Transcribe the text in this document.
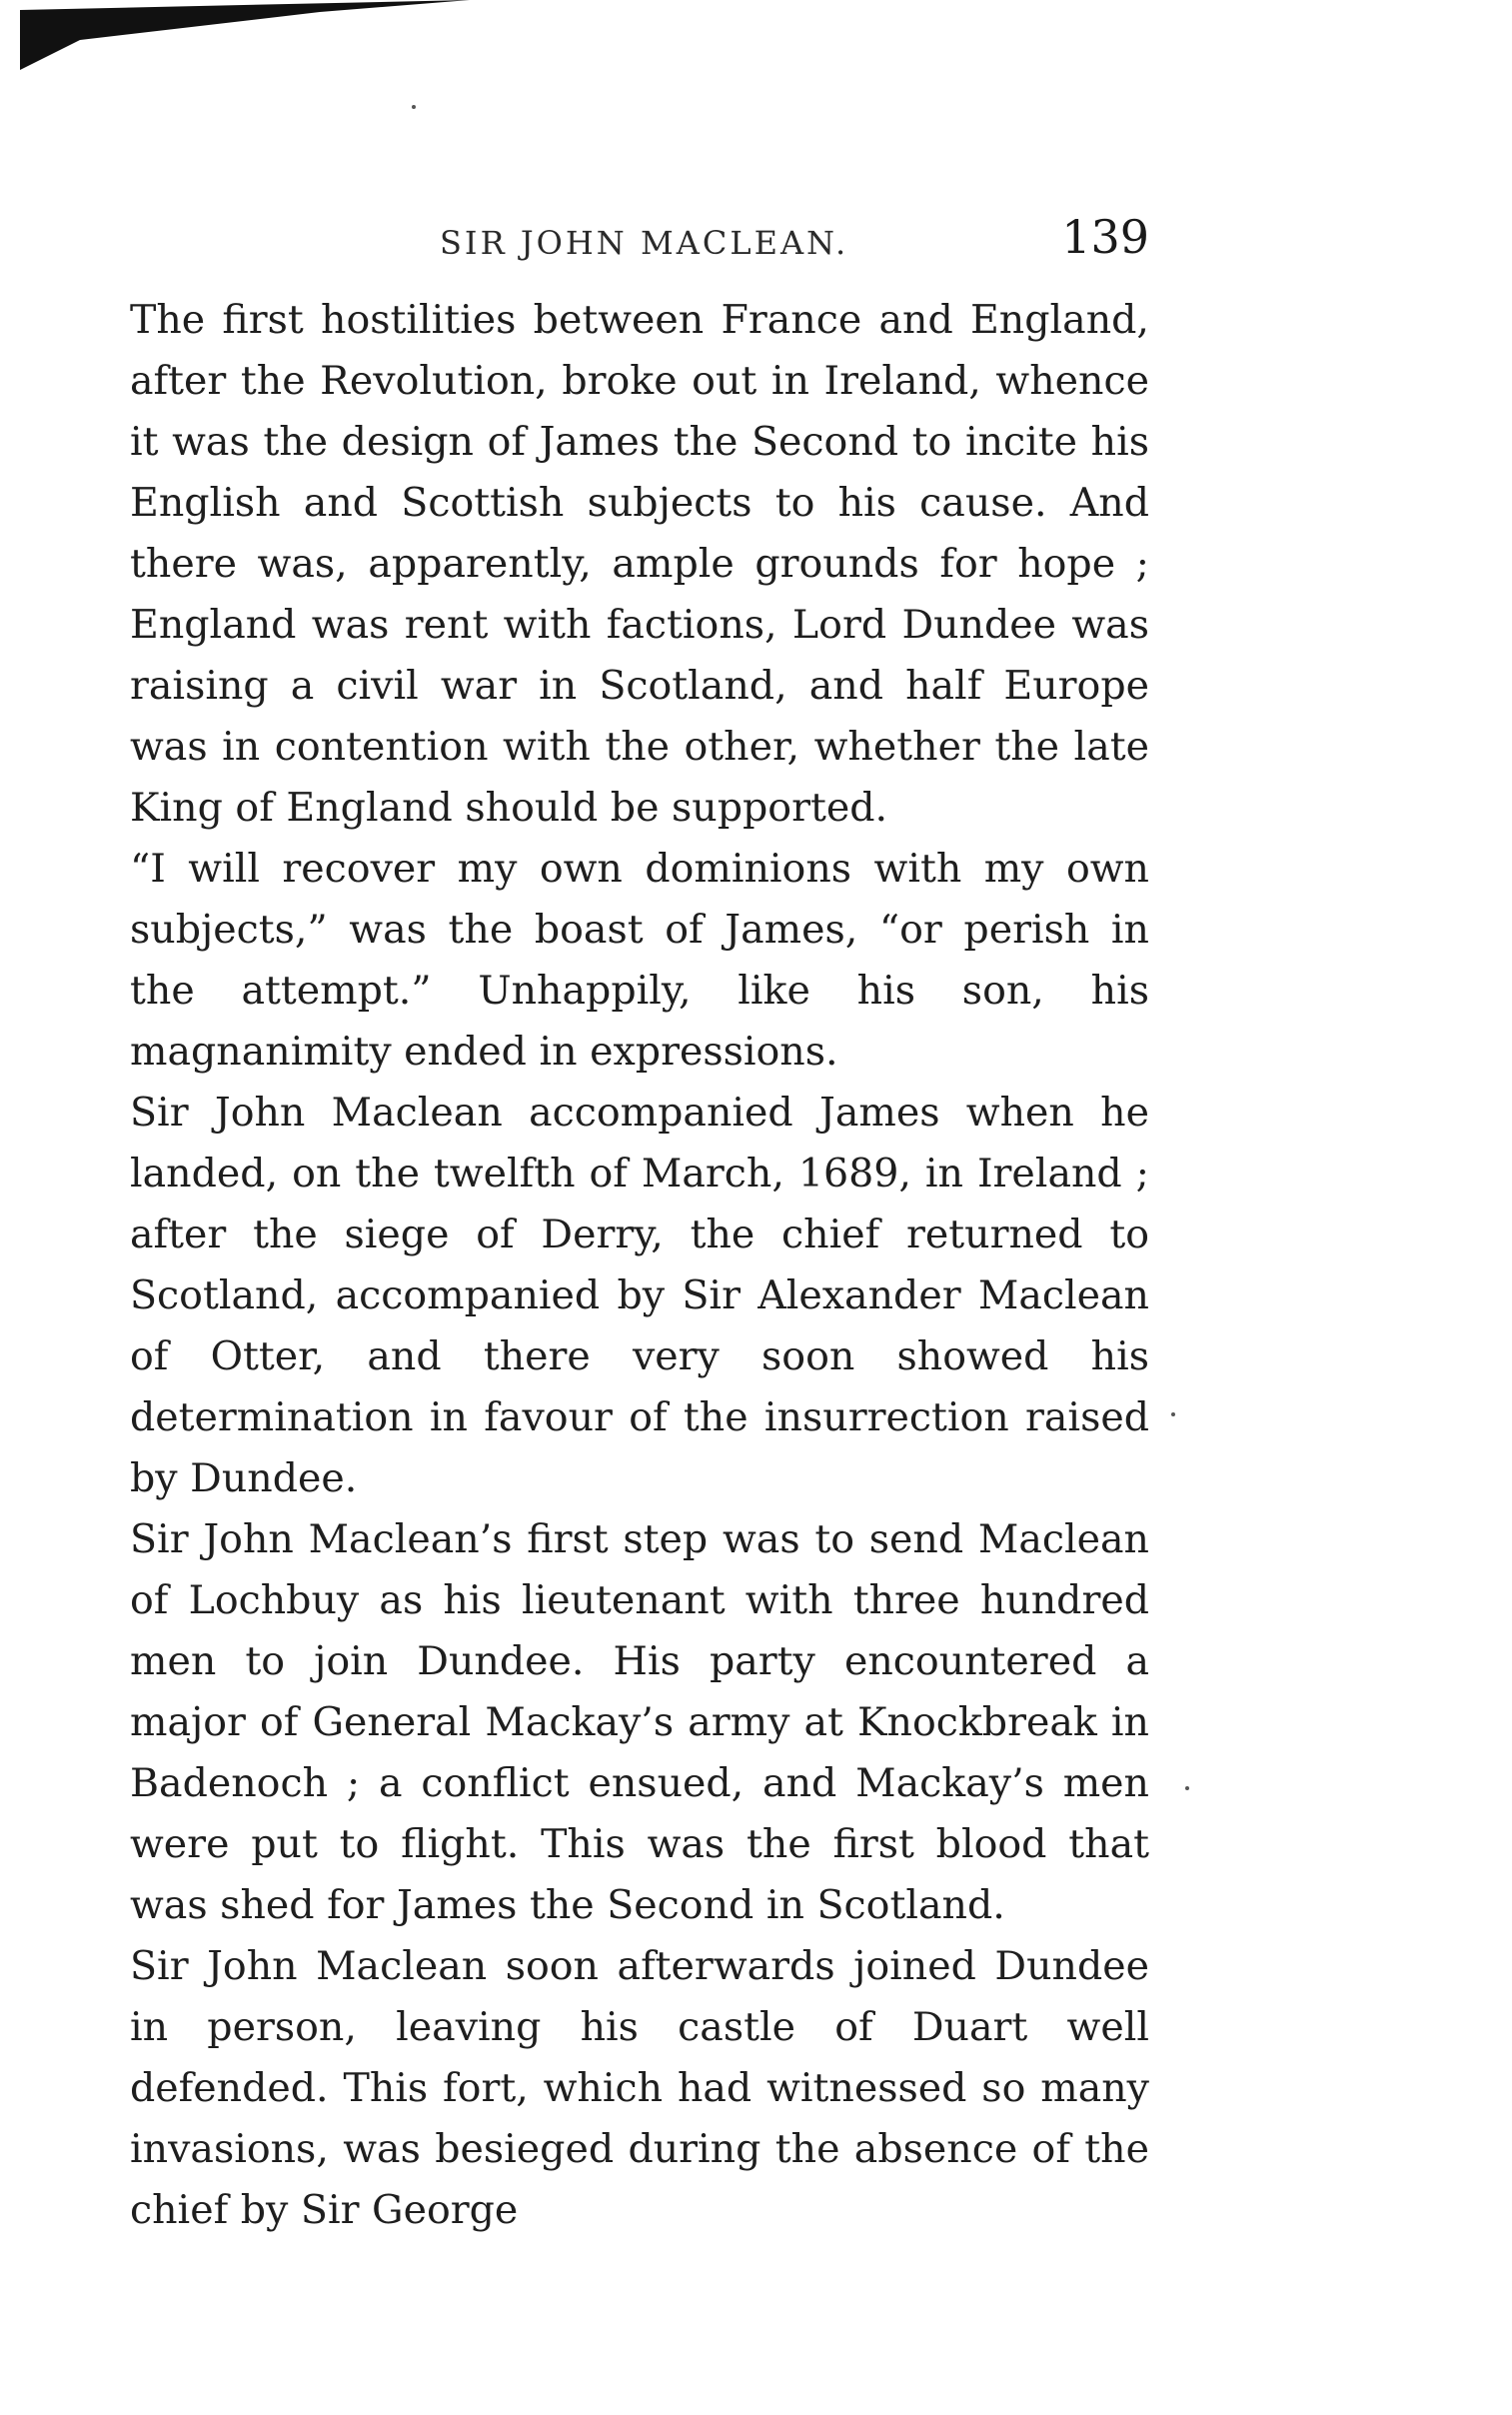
SIR JOHN MACLEAN.	139

The first hostilities between France and England, after the Revolution, broke out in Ireland, whence it was the design of James the Second to incite his English and Scottish subjects to his cause. And there was, apparently, ample grounds for hope ; England was rent with factions, Lord Dundee was raising a civil war in Scotland, and half Europe was in contention with the other, whether the late King of England should be supported.

“I will recover my own dominions with my own subjects,” was the boast of James, “or perish in the attempt.” Unhappily, like his son, his magnanimity ended in expressions.

Sir John Maclean accompanied James when he landed, on the twelfth of March, 1689, in Ireland ; after the siege of Derry, the chief returned to Scotland, accompanied by Sir Alexander Maclean of Otter, and there very soon showed his determination in favour of the insurrection raised by Dundee.

Sir John Maclean’s first step was to send Maclean of Lochbuy as his lieutenant with three hundred men to join Dundee. His party encountered a major of General Mackay’s army at Knockbreak in Badenoch ; a conflict ensued, and Mackay’s men were put to flight. This was the first blood that was shed for James the Second in Scotland.

Sir John Maclean soon afterwards joined Dundee in person, leaving his castle of Duart well defended. This fort, which had witnessed so many invasions, was besieged during the absence of the chief by Sir George
